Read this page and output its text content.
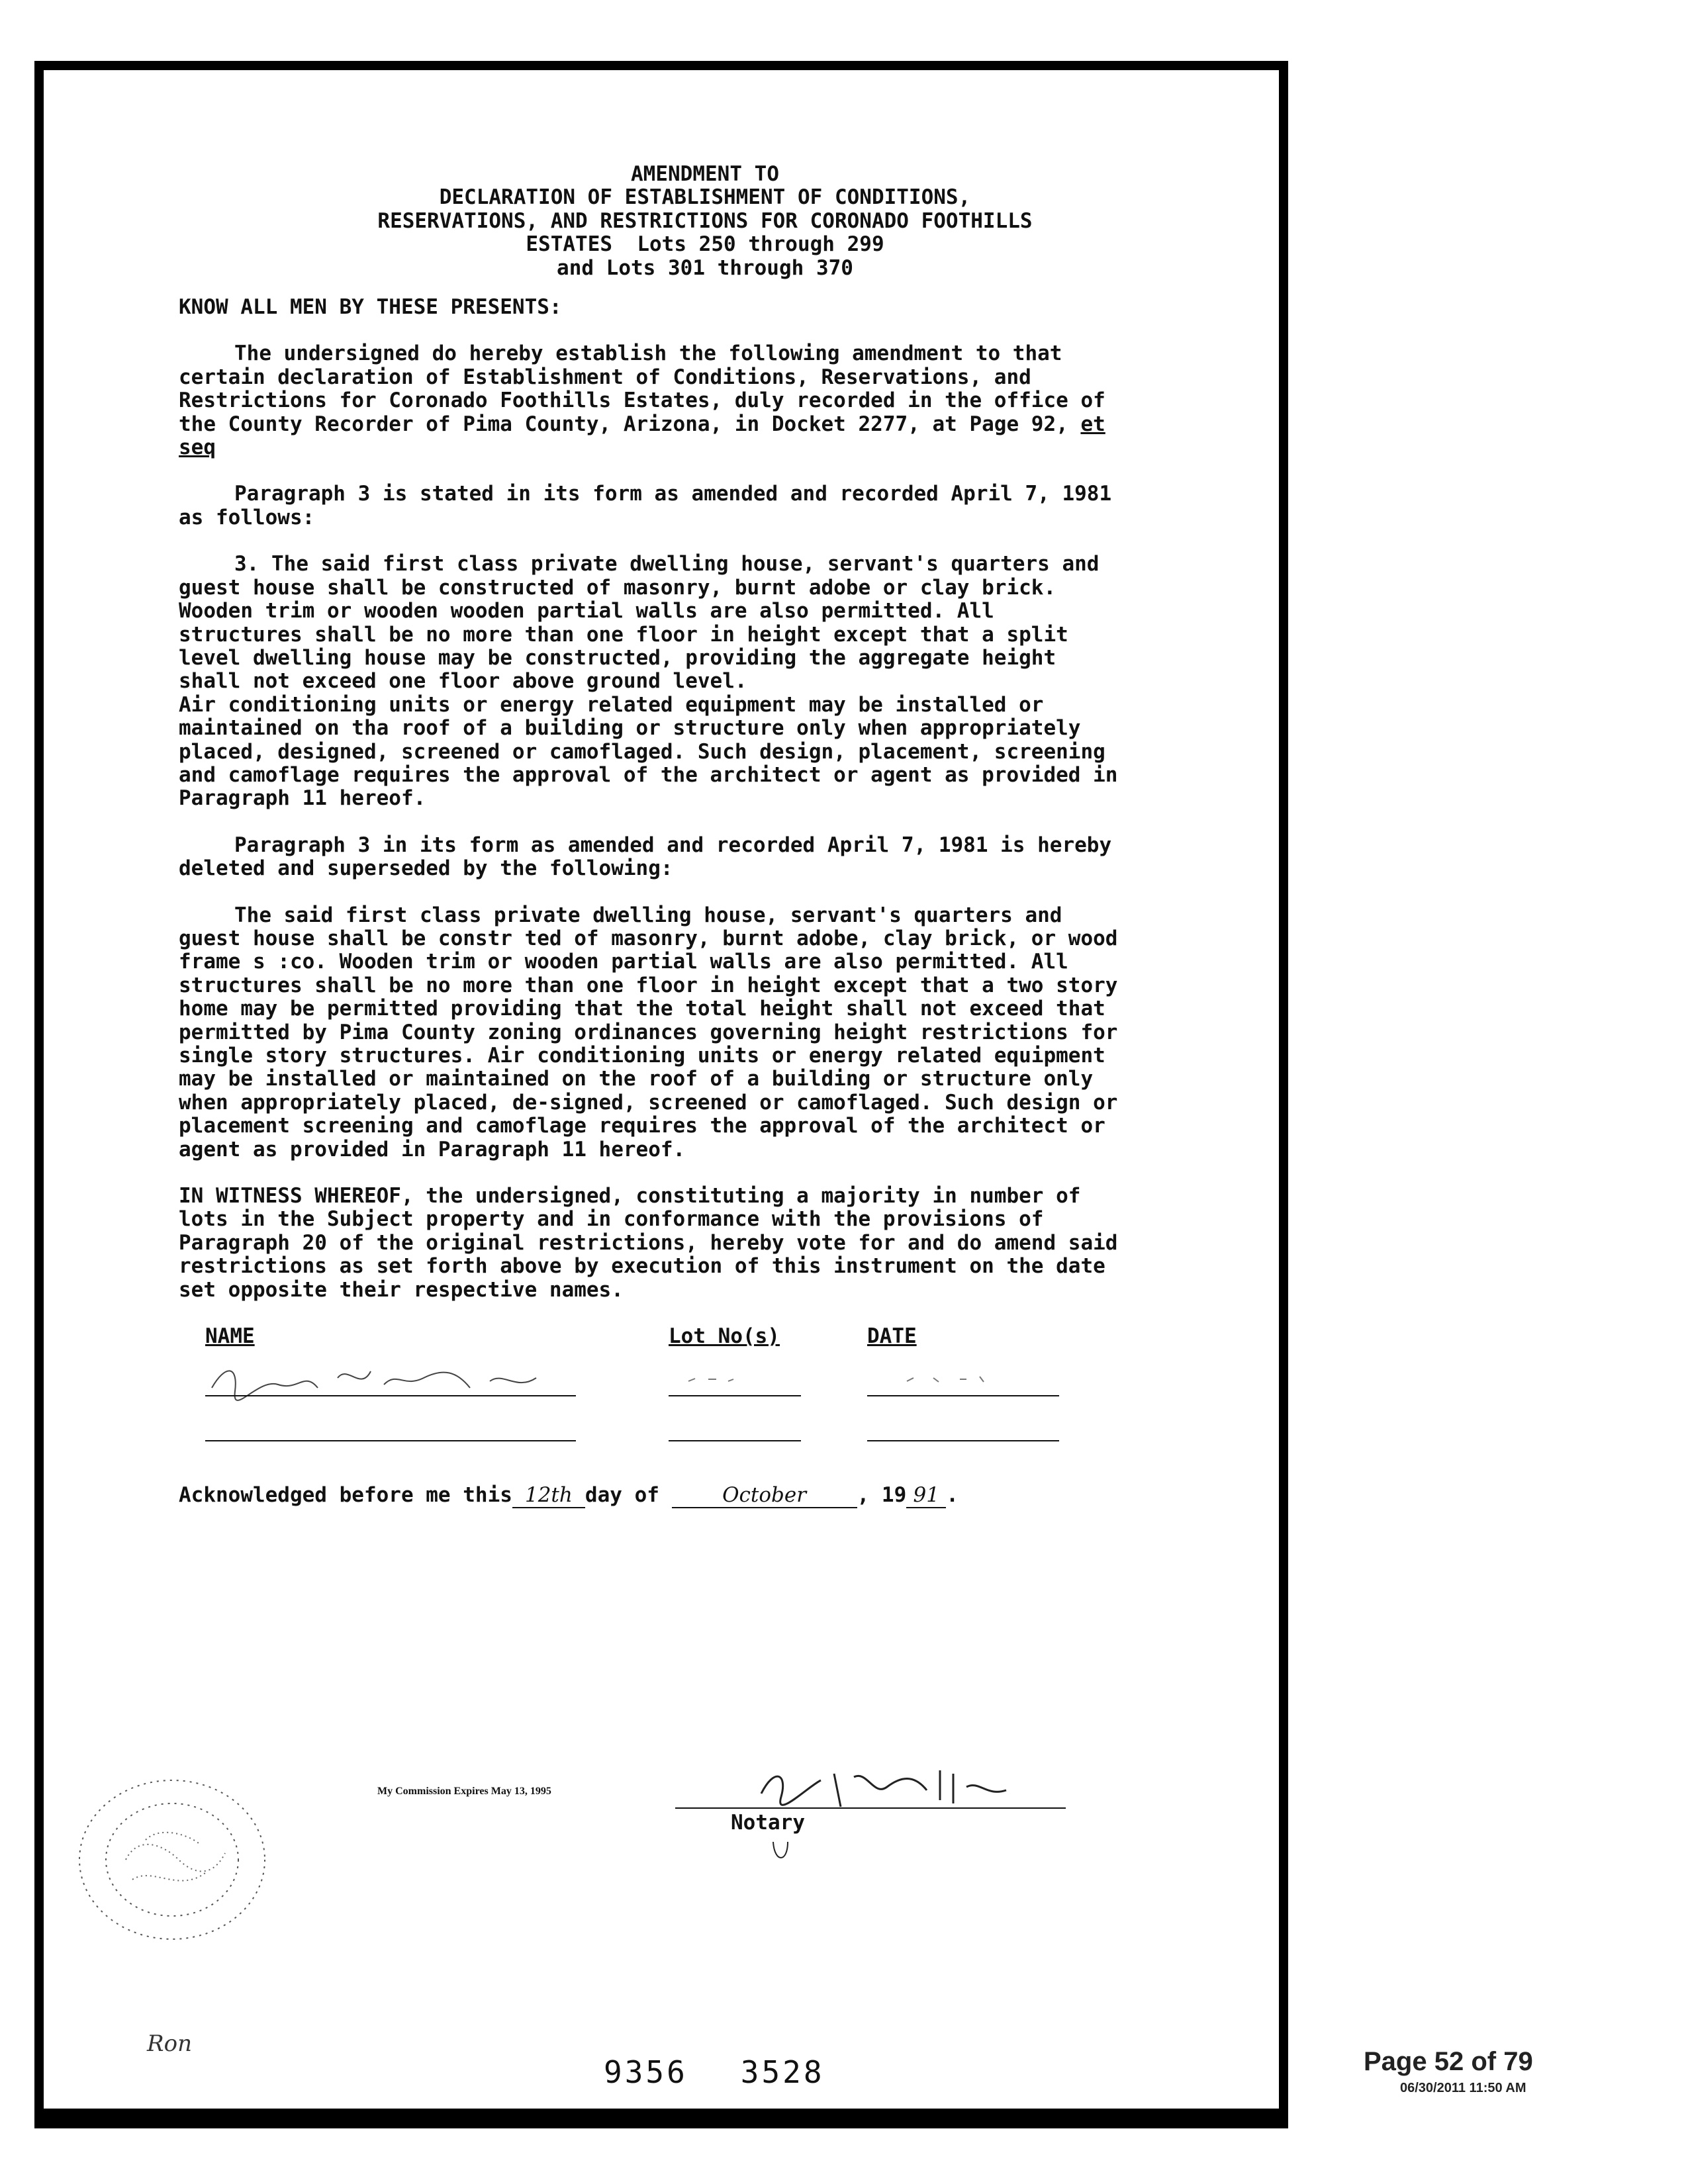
AMENDMENT TO
DECLARATION OF ESTABLISHMENT OF CONDITIONS,
RESERVATIONS, AND RESTRICTIONS FOR CORONADO FOOTHILLS
ESTATES  Lots 250 through 299
and Lots 301 through 370
KNOW ALL MEN BY THESE PRESENTS:
The undersigned do hereby establish the following amendment to that certain declaration of Establishment of Conditions, Reservations, and Restrictions for Coronado Foothills Estates, duly recorded in the office of the County Recorder of Pima County, Arizona, in Docket 2277, at Page 92, et seq
Paragraph 3 is stated in its form as amended and recorded April 7, 1981 as follows:
3. The said first class private dwelling house, servant's quarters and guest house shall be constructed of masonry, burnt adobe or clay brick. Wooden trim or wooden wooden partial walls are also permitted. All structures shall be no more than one floor in height except that a split level dwelling house may be constructed, providing the aggregate height shall not exceed one floor above ground level.
Air conditioning units or energy related equipment may be installed or maintained on tha roof of a building or structure only when appropriately placed, designed, screened or camoflaged. Such design, placement, screening and camoflage requires the approval of the architect or agent as provided in Paragraph 11 hereof.
Paragraph 3 in its form as amended and recorded April 7, 1981 is hereby deleted and superseded by the following:
The said first class private dwelling house, servant's quarters and guest house shall be constr ted of masonry, burnt adobe, clay brick, or wood frame s :co. Wooden trim or wooden partial walls are also permitted. All structures shall be no more than one floor in height except that a two story home may be permitted providing that the total height shall not exceed that permitted by Pima County zoning ordinances governing height restrictions for single story structures. Air conditioning units or energy related equipment may be installed or maintained on the roof of a building or structure only when appropriately placed, de-signed, screened or camoflaged. Such design or placement screening and camoflage requires the approval of the architect or agent as provided in Paragraph 11 hereof.
IN WITNESS WHEREOF, the undersigned, constituting a majority in number of lots in the Subject property and in conformance with the provisions of Paragraph 20 of the original restrictions, hereby vote for and do amend said restrictions as set forth above by execution of this instrument on the date set opposite their respective names.
NAME	Lot No(s)	DATE
Acknowledged before me this 12th day of	October , 19 91 .
My Commission Expires May 13, 1995
Notary
Ron
9356 3528	Page 52 of 79
06/30/2011 11:50 AM
